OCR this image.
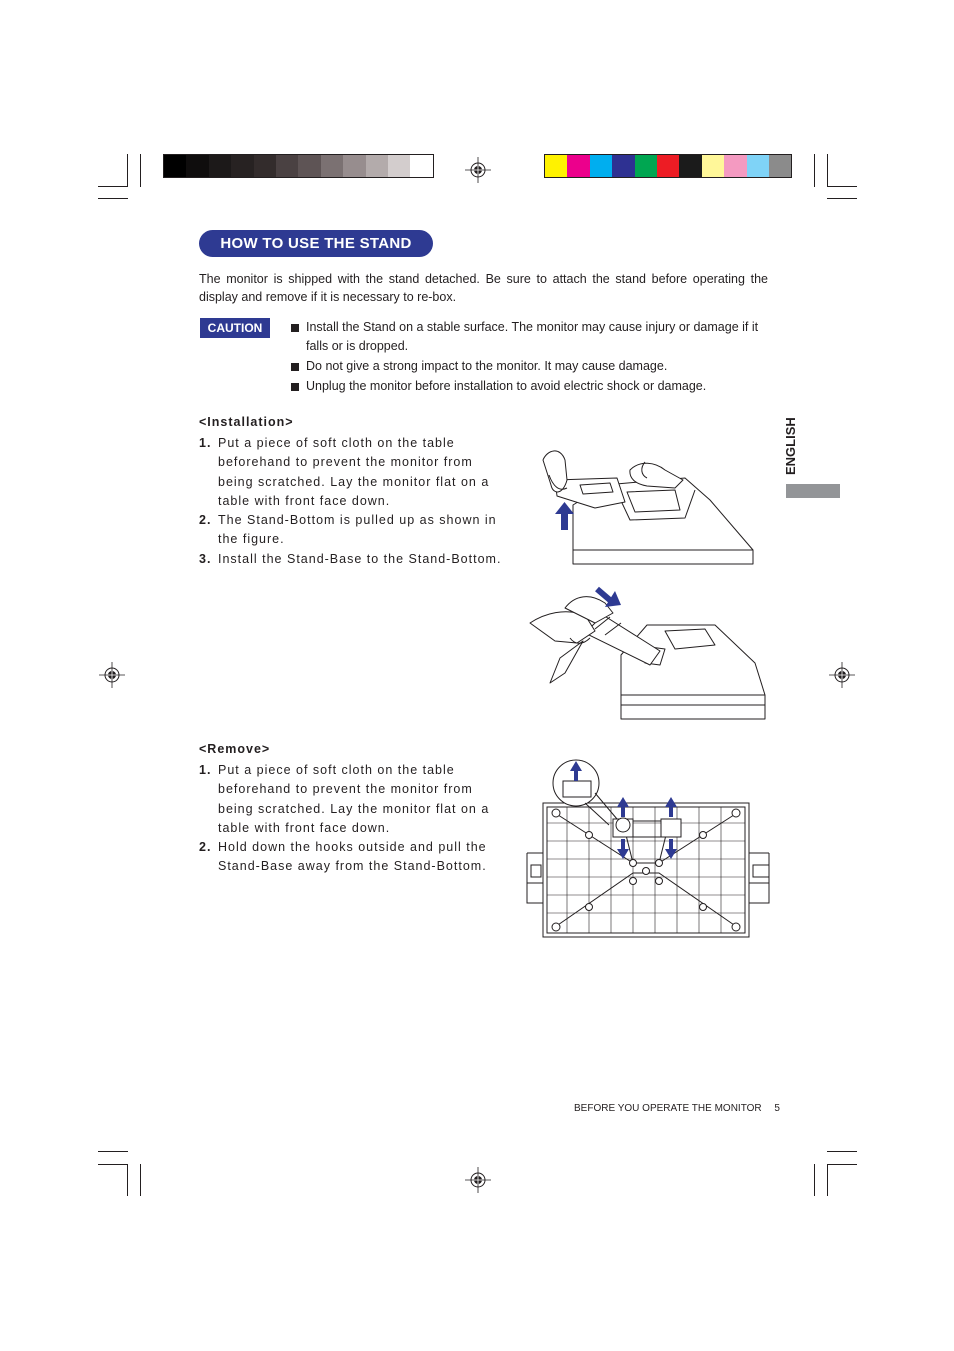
HOW TO USE THE STAND
The monitor is shipped with the stand detached. Be sure to attach the stand before operating the display and remove if it is necessary to re-box.
CAUTION	Install the Stand on a stable surface. The monitor may cause injury or damage if it falls or is dropped.
Do not give a strong impact to the monitor. It may cause damage.
Unplug the monitor before installation to avoid electric shock or damage.
<Installation>
1. Put a piece of soft cloth on the table beforehand to prevent the monitor from being scratched. Lay the monitor flat on a table with front face down.
2. The Stand-Bottom is pulled up as shown in the figure.
3. Install the Stand-Base to the Stand-Bottom.
<Remove>
1. Put a piece of soft cloth on the table beforehand to prevent the monitor from being scratched. Lay the monitor flat on a table with front face down.
2. Hold down the hooks outside and pull the Stand-Base away from the Stand-Bottom.
ENGLISH
BEFORE YOU OPERATE THE MONITOR 5
